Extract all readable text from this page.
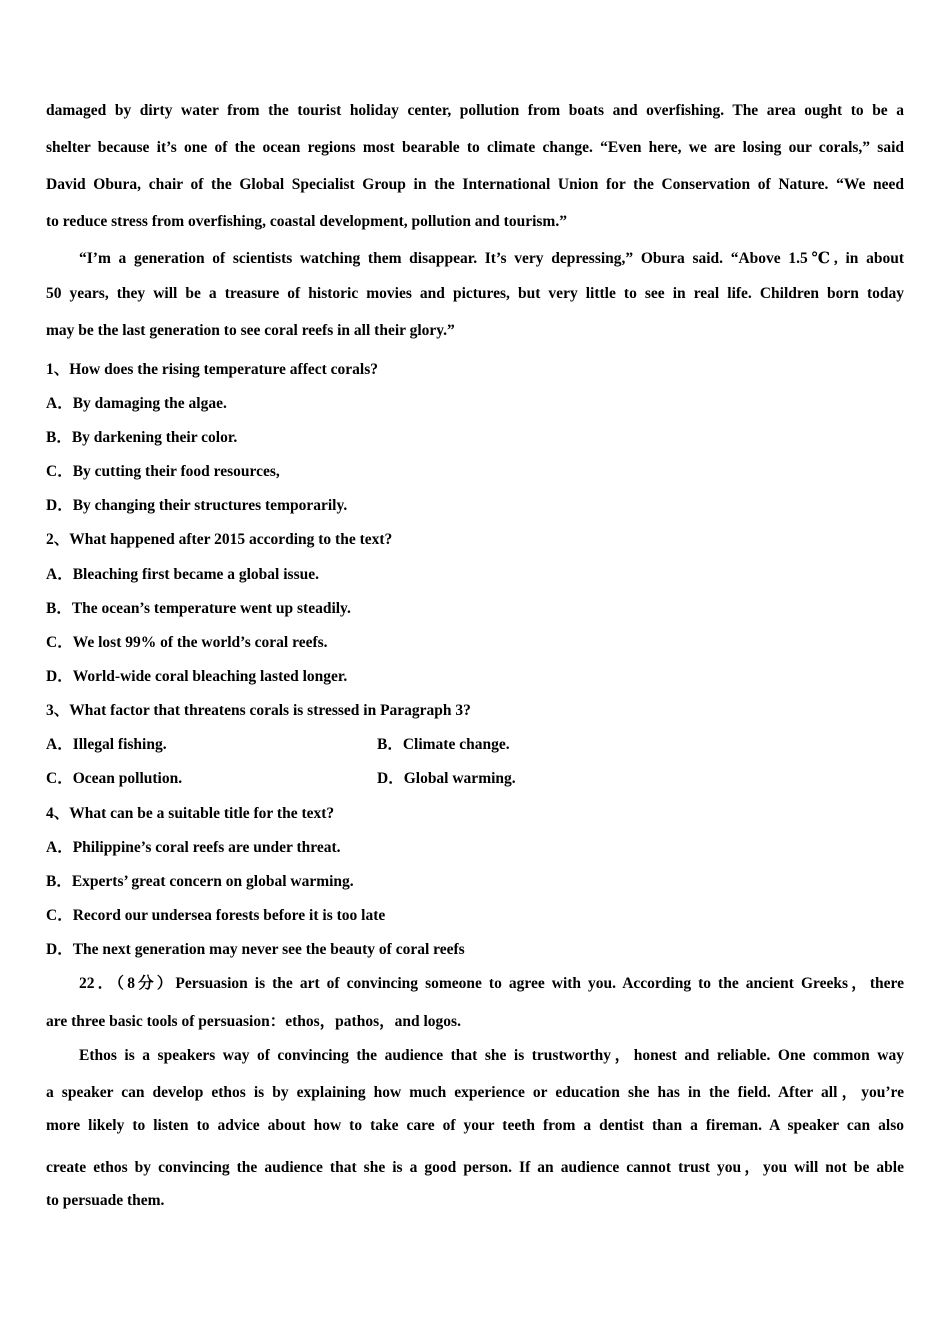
damaged by dirty water from the tourist holiday center, pollution from boats and overfishing. The area ought to be a
shelter because it’s one of the ocean regions most bearable to climate change. “Even here, we are losing our corals,” said
David Obura, chair of the Global Specialist Group in the International Union for the Conservation of Nature. “We need
to reduce stress from overfishing, coastal development, pollution and tourism.”
“I’m a generation of scientists watching them disappear. It’s very depressing,” Obura said. “Above 1.5℃, in about
50 years, they will be a treasure of historic movies and pictures, but very little to see in real life. Children born today
may be the last generation to see coral reefs in all their glory.”
1、How does the rising temperature affect corals?
A．By damaging the algae.
B．By darkening their color.
C．By cutting their food resources,
D．By changing their structures temporarily.
2、What happened after 2015 according to the text?
A．Bleaching first became a global issue.
B．The ocean’s temperature went up steadily.
C．We lost 99% of the world’s coral reefs.
D．World-wide coral bleaching lasted longer.
3、What factor that threatens corals is stressed in Paragraph 3?
A．Illegal fishing.	B．Climate change.
C．Ocean pollution.	D．Global warming.
4、What can be a suitable title for the text?
A．Philippine’s coral reefs are under threat.
B．Experts’ great concern on global warming.
C．Record our undersea forests before it is too late
D．The next generation may never see the beauty of coral reefs
22．（8分）Persuasion is the art of convincing someone to agree with you. According to the ancient Greeks，there
are three basic tools of persuasion：ethos，pathos，and logos.
Ethos is a speakers way of convincing the audience that she is trustworthy，honest and reliable. One common way
a speaker can develop ethos is by explaining how much experience or education she has in the field. After all，you’re
more likely to listen to advice about how to take care of your teeth from a dentist than a fireman. A speaker can also
create ethos by convincing the audience that she is a good person. If an audience cannot trust you，you will not be able
to persuade them.
